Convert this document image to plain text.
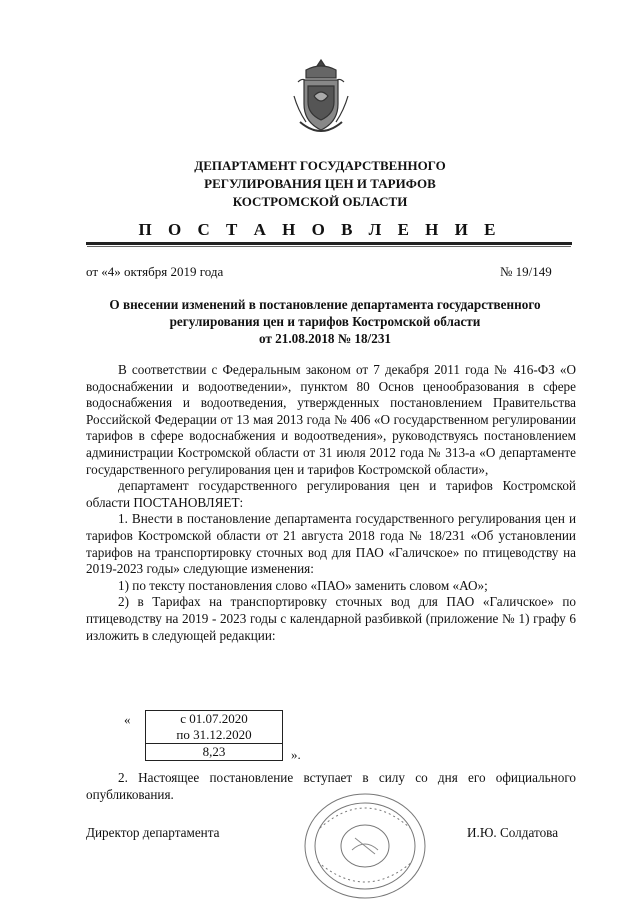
ДЕПАРТАМЕНТ ГОСУДАРСТВЕННОГО
РЕГУЛИРОВАНИЯ ЦЕН И ТАРИФОВ
КОСТРОМСКОЙ ОБЛАСТИ
П О С Т А Н О В Л Е Н И Е
от «4» октября 2019 года	№ 19/149
О внесении изменений в постановление департамента государственного
регулирования цен и тарифов Костромской области
от 21.08.2018 № 18/231

В соответствии с Федеральным законом от 7 декабря 2011 года № 416-ФЗ «О водоснабжении и водоотведении», пунктом 80 Основ ценообразования в сфере водоснабжения и водоотведения, утвержденных постановлением Правительства Российской Федерации от 13 мая 2013 года № 406 «О государственном регулировании тарифов в сфере водоснабжения и водоотведения», руководствуясь постановлением администрации Костромской области от 31 июля 2012 года № 313-а «О департаменте государственного регулирования цен и тарифов Костромской области»,

департамент государственного регулирования цен и тарифов Костромской области ПОСТАНОВЛЯЕТ:

1. Внести в постановление департамента государственного регулирования цен и тарифов Костромской области от 21 августа 2018 года № 18/231 «Об установлении тарифов на транспортировку сточных вод для ПАО «Галичское» по птицеводству на 2019-2023 годы» следующие изменения:

1) по тексту постановления слово «ПАО» заменить словом «АО»;

2) в Тарифах на транспортировку сточных вод для ПАО «Галичское» по птицеводству на 2019 - 2023 годы с календарной разбивкой (приложение № 1) графу 6 изложить в следующей редакции:

«	с 01.07.2020
по 31.12.2020

8,23	».

2. Настоящее постановление вступает в силу со дня его официального опубликования.

Директор департамента	И.Ю. Солдатова
